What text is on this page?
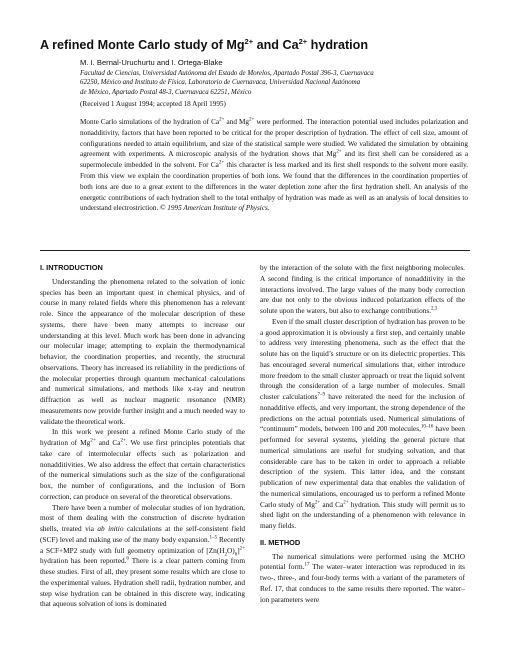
A refined Monte Carlo study of $Mg^{2+}$ and $Ca^{2+}$ hydration
M. I. Bernal-Uruchurtu and I. Ortega-Blake
Facultad de Ciencias, Universidad Autónoma del Estado de Morelos, Apartado Postal 396-3, Cuernavaca
62250, México and Instituto de Física, Laboratorio de Cuernavaca, Universidad Nacional Autónoma
de México, Apartado Postal 48-3, Cuernavaca 62251, México
(Received 1 August 1994; accepted 18 April 1995)
Monte Carlo simulations of the hydration of $Ca^{2+}$ and $Mg^{2+}$ were performed. The interaction potential used includes polarization and nonadditivity, factors that have been reported to be critical for the proper description of hydration. The effect of cell size, amount of configurations needed to attain equilibrium, and size of the statistical sample were studied. We validated the simulation by obtaining agreement with experiments. A microscopic analysis of the hydration shows that $Mg^{2+}$ and its first shell can be considered as a supermolecule imbedded in the solvent. For $Ca^{2+}$ this character is less marked and its first shell responds to the solvent more easily. From this view we explain the coordination properties of both ions. We found that the differences in the coordination properties of both ions are due to a great extent to the differences in the water depletion zone after the first hydration shell. An analysis of the energetic contributions of each hydration shell to the total enthalpy of hydration was made as well as an analysis of local densities to understand electrostriction. © 1995 American Institute of Physics.
I. INTRODUCTION

Understanding the phenomena related to the solvation of ionic species has been an important quest in chemical physics, and of course in many related fields where this phenomenon has a relevant role. Since the appearance of the molecular description of these systems, there have been many attempts to increase our understanding at this level. Much work has been done in advancing our molecular image; attempting to explain the thermodynamical behavior, the coordination properties, and recently, the structural observations. Theory has increased its reliability in the predictions of the molecular properties through quantum mechanical calculations and numerical simulations, and methods like x-ray and neutron diffraction as well as nuclear magnetic resonance (NMR) measurements now provide further insight and a much needed way to validate the theoretical work.

In this work we present a refined Monte Carlo study of the hydration of $Mg^{2+}$ and $Ca^{2+}$. We use first principles potentials that take care of intermolecular effects such as polarization and nonadditivities. We also address the effect that certain characteristics of the numerical simulations such as the size of the configurational box, the number of configurations, and the inclusion of Born correction, can produce on several of the theoretical observations.

There have been a number of molecular studies of ion hydration, most of them dealing with the construction of discrete hydration shells, treated via ab initio calculations at the self-consistent field (SCF) level and making use of the many body expansion.$^{1-5}$ Recently a SCF+MP2 study with full geometry optimization of $[Zn(H_2O)_6]^{2+}$ hydration has been reported.$^6$ There is a clear pattern coming from these studies. First of all, they present some results which are close to the experimental values. Hydration shell radii, hydration number, and step wise hydration can be obtained in this discrete way, indicating that aqueous solvation of ions is dominated

by the interaction of the solute with the first neighboring molecules. A second finding is the critical importance of nonadditivity in the interactions involved. The large values of the many body correction are due not only to the obvious induced polarization effects of the solute upon the waters, but also to exchange contributions.$^{2,3}$

Even if the small cluster description of hydration has proven to be a good approximation it is obviously a first step, and certainly unable to address very interesting phenomena, such as the effect that the solute has on the liquid’s structure or on its dielectric properties. This has encouraged several numerical simulations that, either introduce more freedom to the small cluster approach or treat the liquid solvent through the consideration of a large number of molecules. Small cluster calculations$^{7-9}$ have reiterated the need for the inclusion of nonadditive effects, and very important, the strong dependence of the predictions on the actual potentials used. Numerical simulations of “continuum” models, between 100 and 200 molecules,$^{10-16}$ have been performed for several systems, yielding the general picture that numerical simulations are useful for studying solvation, and that considerable care has to be taken in order to approach a reliable description of the system. This latter idea, and the constant publication of new experimental data that enables the validation of the numerical simulations, encouraged us to perform a refined Monte Carlo study of $Mg^{2+}$ and $Ca^{2+}$ hydration. This study will permit us to shed light on the understanding of a phenomenon with relevance in many fields.

II. METHOD

The numerical simulations were performed using the MCHO potential form.$^{17}$ The water–water interaction was reproduced in its two-, three-, and four-body terms with a variant of the parameters of Ref. 17, that conduces to the same results there reported. The water–ion parameters were
